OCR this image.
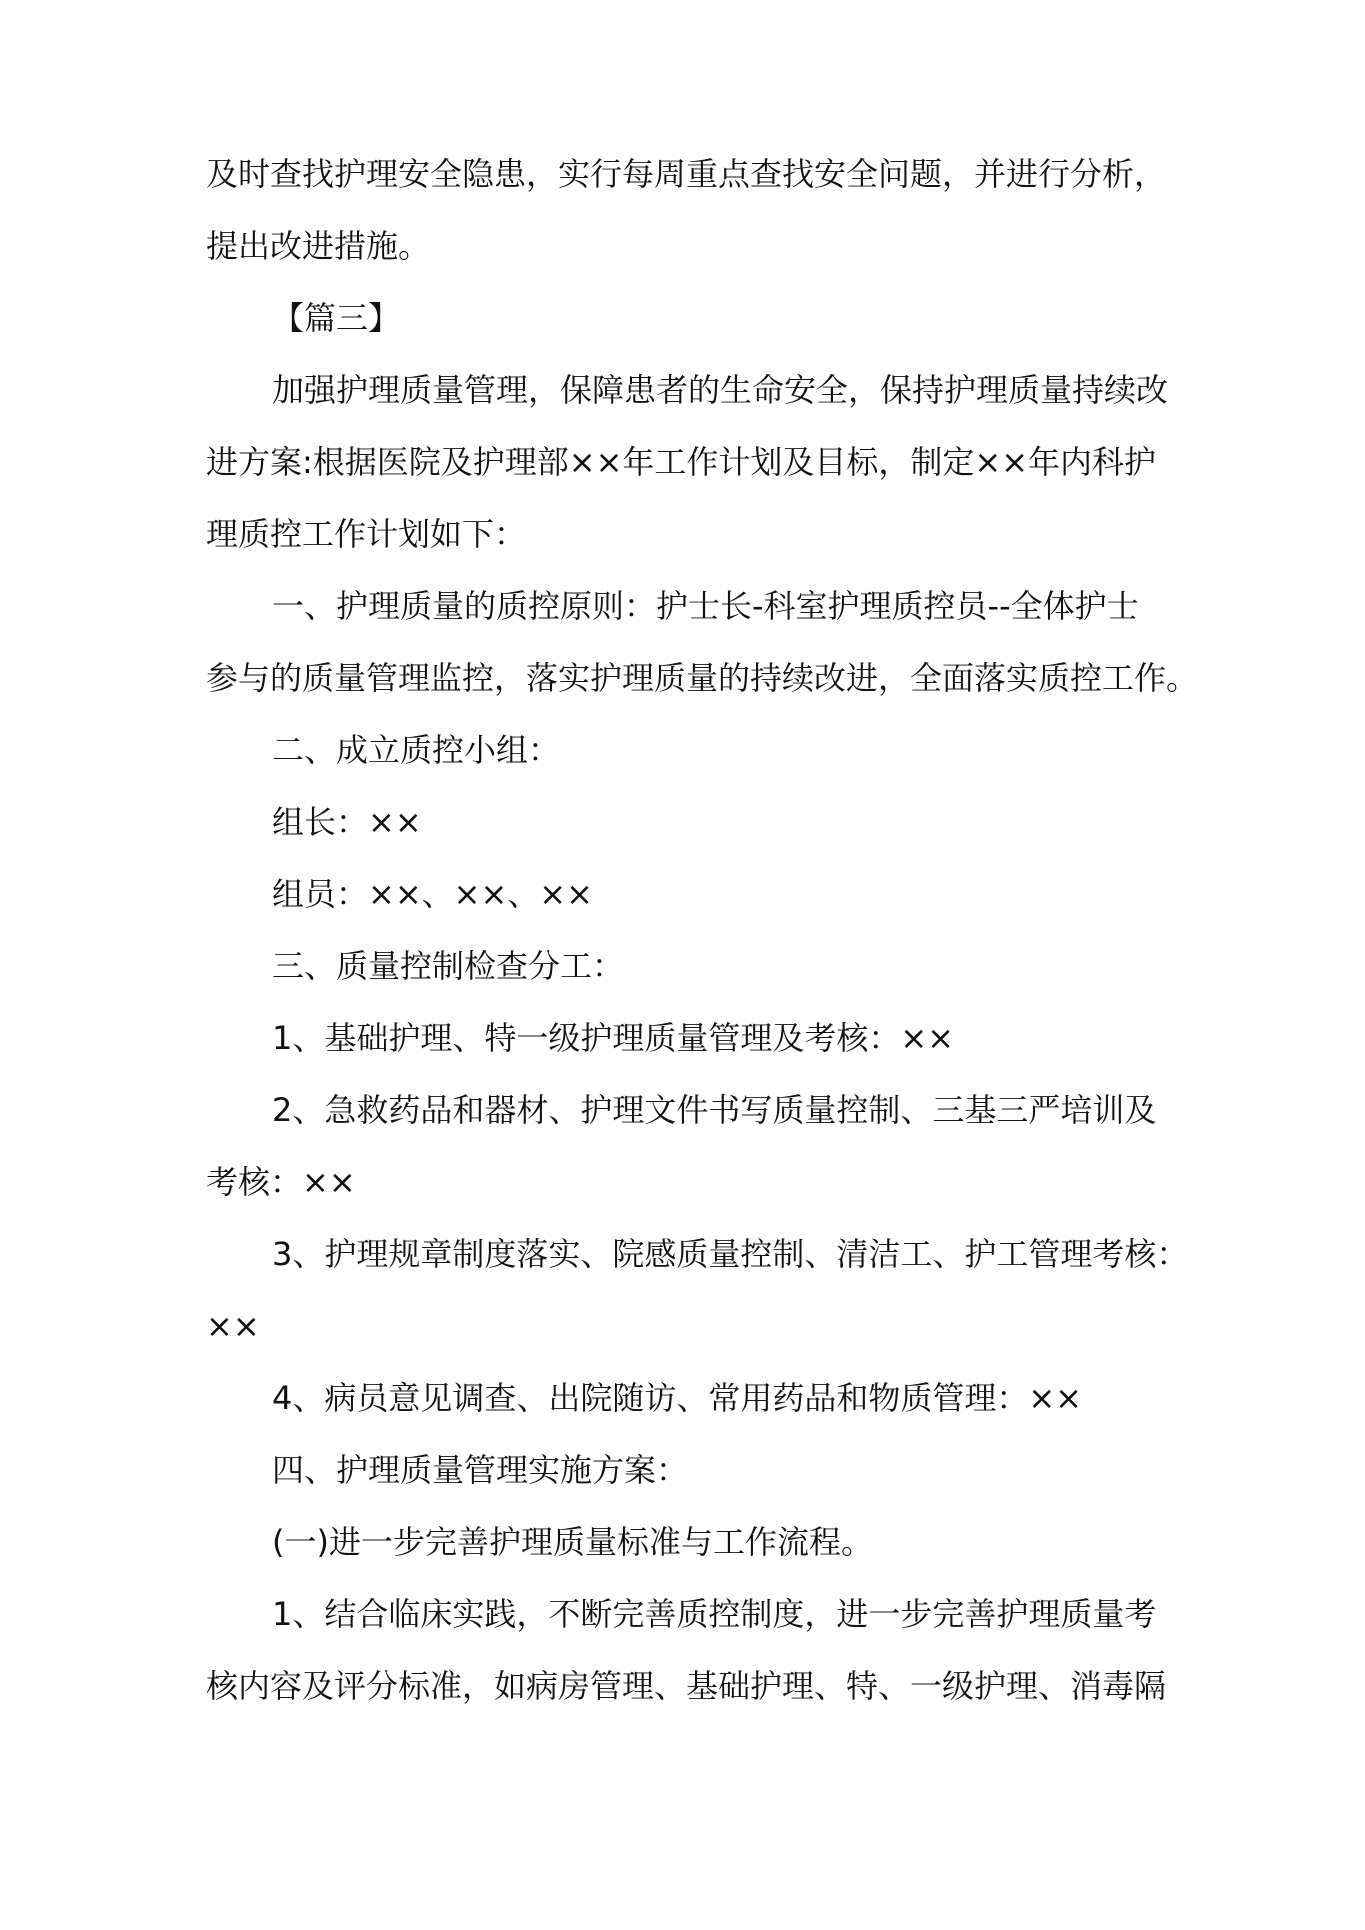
及时查找护理安全隐患，实行每周重点查找安全问题，并进行分析，
提出改进措施。
【篇三】
加强护理质量管理，保障患者的生命安全，保持护理质量持续改
进方案:根据医院及护理部××年工作计划及目标，制定××年内科护
理质控工作计划如下：
一、护理质量的质控原则：护士长-科室护理质控员--全体护士
参与的质量管理监控，落实护理质量的持续改进，全面落实质控工作。
二、成立质控小组：
组长：××
组员：××、××、××
三、质量控制检查分工：
1、基础护理、特一级护理质量管理及考核：××
2、急救药品和器材、护理文件书写质量控制、三基三严培训及
考核：××
3、护理规章制度落实、院感质量控制、清洁工、护工管理考核：
××
4、病员意见调查、出院随访、常用药品和物质管理：××
四、护理质量管理实施方案：
(一)进一步完善护理质量标准与工作流程。
1、结合临床实践，不断完善质控制度，进一步完善护理质量考
核内容及评分标准，如病房管理、基础护理、特、一级护理、消毒隔
